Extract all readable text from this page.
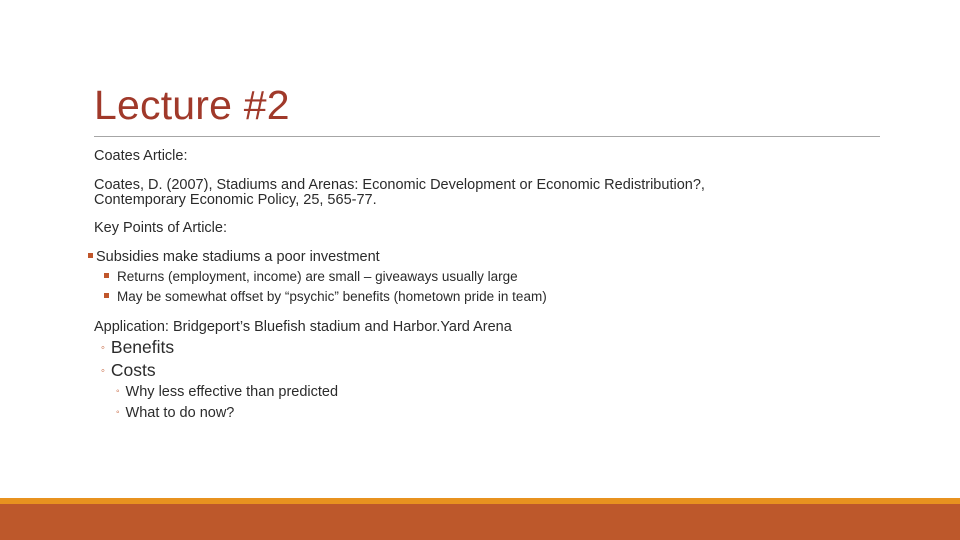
Lecture #2
Coates Article:
Coates, D. (2007), Stadiums and Arenas: Economic Development or Economic Redistribution?,
Contemporary Economic Policy, 25, 565-77.
Key Points of Article:
Subsidies make stadiums a poor investment
Returns (employment, income) are small – giveaways usually large
May be somewhat offset by “psychic” benefits (hometown pride in team)
Application: Bridgeport’s Bluefish stadium and Harbor.Yard Arena
◦ Benefits
◦ Costs
◦ Why less effective than predicted
◦ What to do now?
